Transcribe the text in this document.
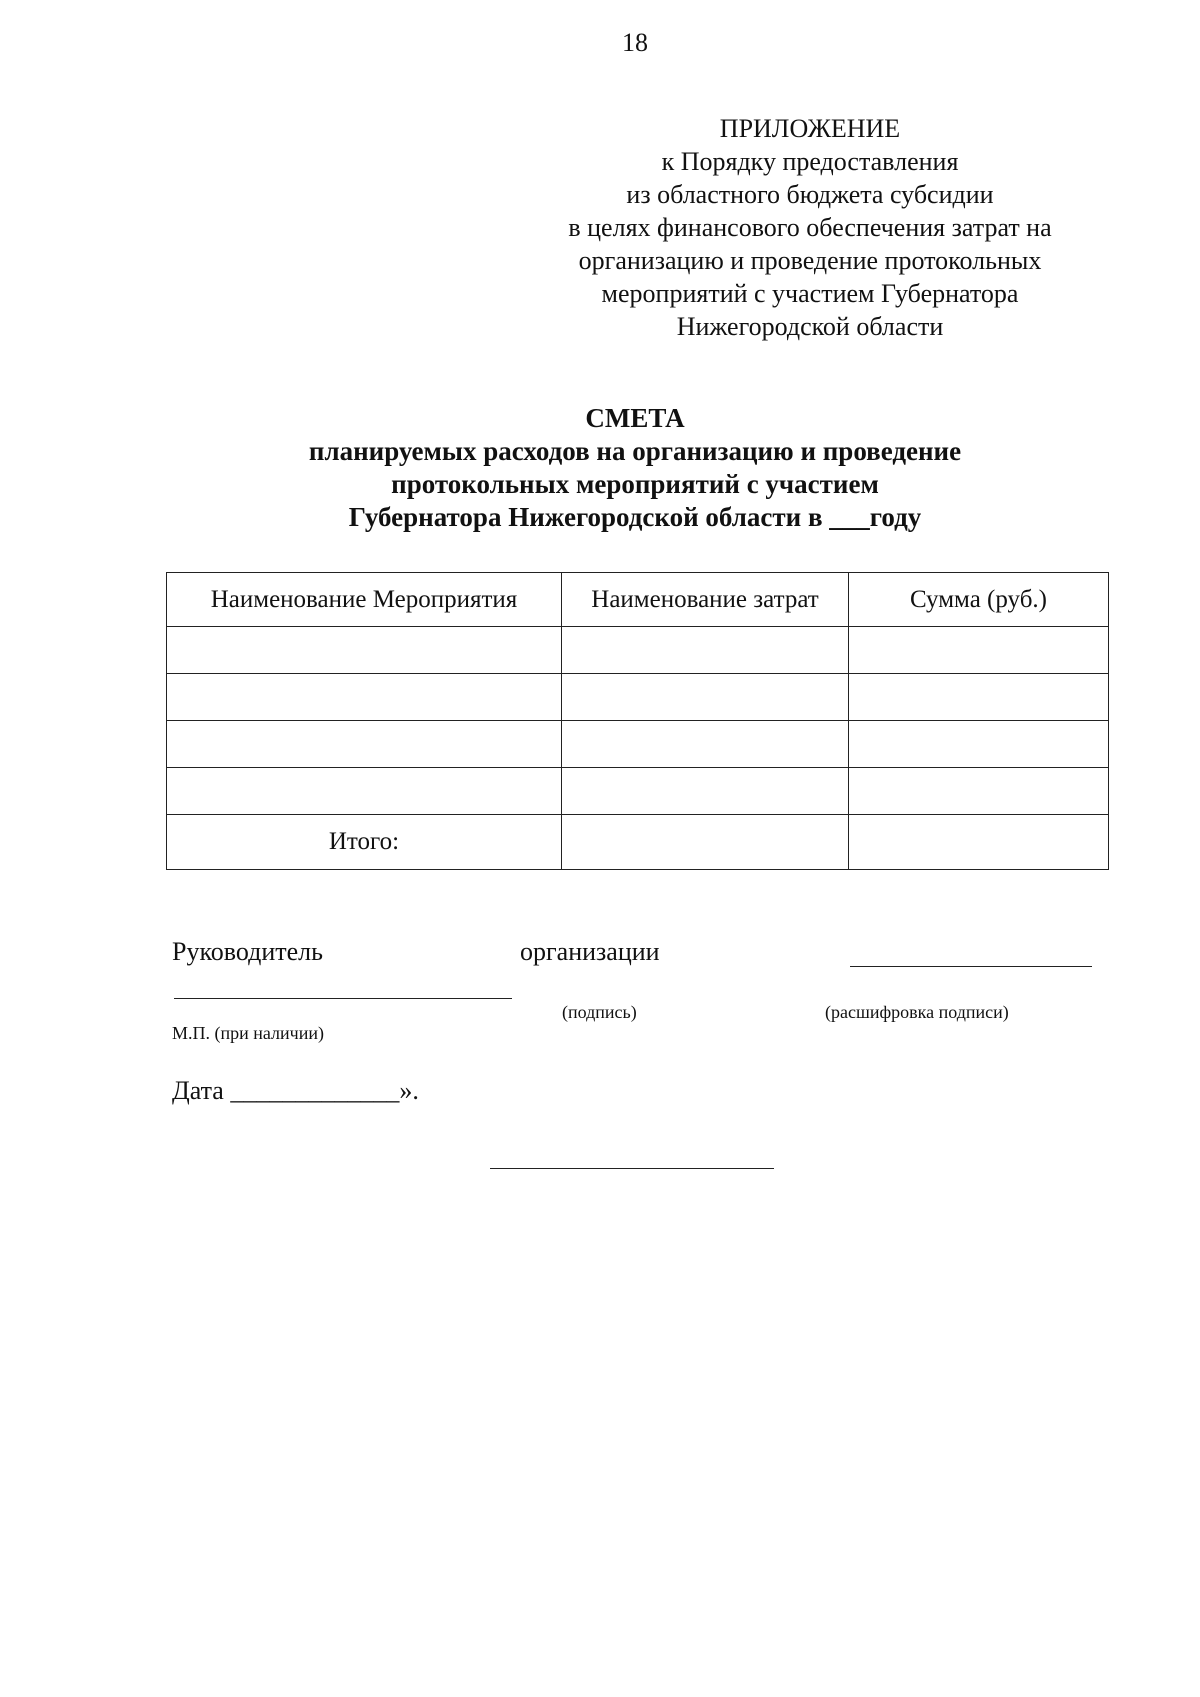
18
ПРИЛОЖЕНИЕ
к Порядку предоставления
из областного бюджета субсидии
в целях финансового обеспечения затрат на
организацию и проведение протокольных
мероприятий с участием Губернатора
Нижегородской области
СМЕТА
планируемых расходов на организацию и проведение
протокольных мероприятий с участием
Губернатора Нижегородской области в ___году
Наименование Мероприятия	Наименование затрат	Сумма (руб.)

Итого:		
Руководитель	организации
(подпись)	(расшифровка подписи)
М.П. (при наличии)
Дата _____________».
